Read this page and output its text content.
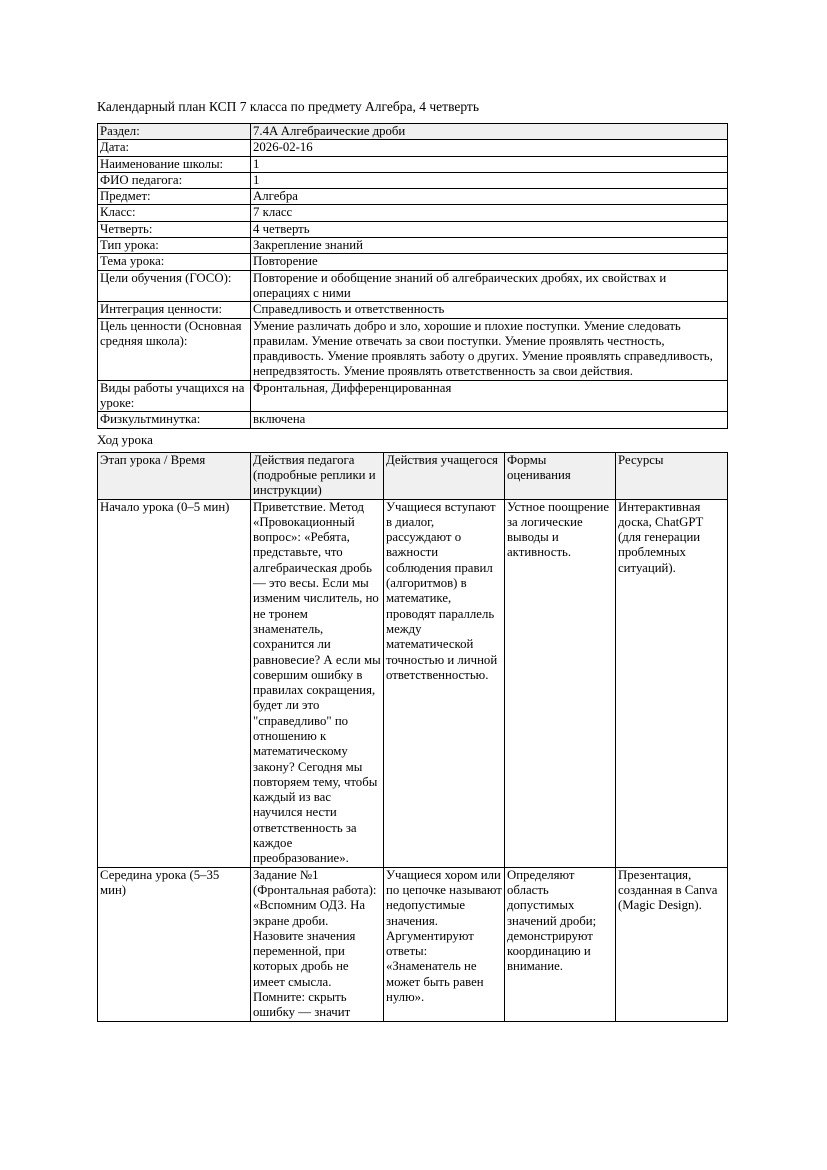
Календарный план КСП 7 класса по предмету Алгебра, 4 четверть

Раздел:	7.4A Алгебраические дроби
Дата:	2026-02-16
Наименование школы:	1
ФИО педагога:	1
Предмет:	Алгебра
Класс:	7 класс
Четверть:	4 четверть
Тип урока:	Закрепление знаний
Тема урока:	Повторение
Цели обучения (ГОСО):	Повторение и обобщение знаний об алгебраических дробях, их свойствах и операциях с ними
Интеграция ценности:	Справедливость и ответственность
Цель ценности (Основная средняя школа):	Умение различать добро и зло, хорошие и плохие поступки. Умение следовать правилам. Умение отвечать за свои поступки. Умение проявлять честность, правдивость. Умение проявлять заботу о других. Умение проявлять справедливость, непредвзятость. Умение проявлять ответственность за свои действия.
Виды работы учащихся на уроке:	Фронтальная, Дифференцированная
Физкультминутка:	включена

Ход урока

Этап урока / Время	Действия педагога (подробные реплики и инструкции)	Действия учащегося	Формы оценивания	Ресурсы
Начало урока (0–5 мин)	Приветствие. Метод «Провокационный вопрос»: «Ребята, представьте, что алгебраическая дробь — это весы. Если мы изменим числитель, но не тронем знаменатель, сохранится ли равновесие? А если мы совершим ошибку в правилах сокращения, будет ли это "справедливо" по отношению к математическому закону? Сегодня мы повторяем тему, чтобы каждый из вас научился нести ответственность за каждое преобразование».	Учащиеся вступают в диалог, рассуждают о важности соблюдения правил (алгоритмов) в математике, проводят параллель между математической точностью и личной ответственностью.	Устное поощрение за логические выводы и активность.	Интерактивная доска, ChatGPT (для генерации проблемных ситуаций).
Середина урока (5–35 мин)	Задание №1 (Фронтальная работа): «Вспомним ОДЗ. На экране дроби. Назовите значения переменной, при которых дробь не имеет смысла. Помните: скрыть ошибку — значит	Учащиеся хором или по цепочке называют недопустимые значения. Аргументируют ответы: «Знаменатель не может быть равен нулю».	Определяют область допустимых значений дроби; демонстрируют координацию и внимание.	Презентация, созданная в Canva (Magic Design).
